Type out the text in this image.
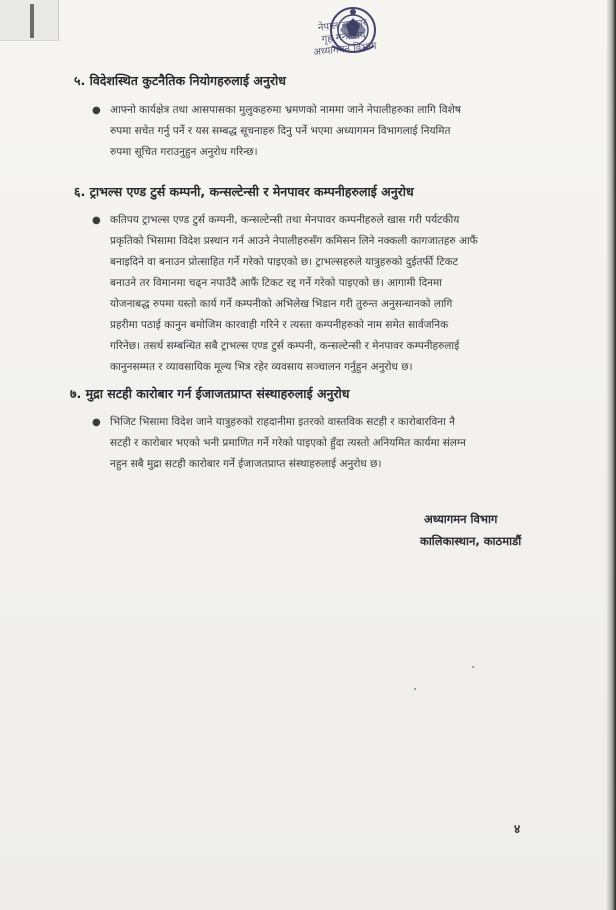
नेपाल सरकार
गृह मन्त्रालय
अध्यागमन विभाग
५. विदेशस्थित कुटनैतिक नियोगहरुलाई अनुरोध
● आफ्नो कार्यक्षेत्र तथा आसपासका मुलुकहरुमा भ्रमणको नाममा जाने नेपालीहरुका लागि विशेष
रुपमा सचेत गर्नु पर्ने र यस सम्बद्ध सूचनाहरु दिनु पर्ने भएमा अध्यागमन विभागलाई नियमित
रुपमा सूचित गराउनुहुन अनुरोध गरिन्छ।
६. ट्राभल्स एण्ड टुर्स कम्पनी, कन्सल्टेन्सी र मेनपावर कम्पनीहरुलाई अनुरोध
● कतिपय ट्राभल्स एण्ड टुर्स कम्पनी, कन्सल्टेन्सी तथा मेनपावर कम्पनीहरुले खास गरी पर्यटकीय
प्रकृतिको भिसामा विदेश प्रस्थान गर्न आउने नेपालीहरुसँग कमिसन लिने नक्कली कागजातहरु आफैं
बनाइदिने वा बनाउन प्रोत्साहित गर्ने गरेको पाइएको छ। ट्राभल्सहरुले यात्रुहरुको दुईतर्फी टिकट
बनाउने तर विमानमा चढ्न नपाउँदै आफैं टिकट रद्द गर्ने गरेको पाइएको छ। आगामी दिनमा
योजनाबद्ध रुपमा यस्तो कार्य गर्ने कम्पनीको अभिलेख भिडान गरी तुरुन्त अनुसन्धानको लागि
प्रहरीमा पठाई कानुन बमोजिम कारवाही गरिने र त्यस्ता कम्पनीहरुको नाम समेत सार्वजनिक
गरिनेछ। तसर्थ सम्बन्धित सबै ट्राभल्स एण्ड टुर्स कम्पनी, कन्सल्टेन्सी र मेनपावर कम्पनीहरुलाई
कानुनसम्मत र व्यावसायिक मूल्य भित्र रहेर व्यवसाय सञ्चालन गर्नुहुन अनुरोध छ।
७. मुद्रा सटही कारोबार गर्न ईजाजतप्राप्त संस्थाहरुलाई अनुरोध
● भिजिट भिसामा विदेश जाने यात्रुहरुको राहदानीमा इतरको वास्तविक सटही र कारोबारविना नै
सटही र कारोबार भएको भनी प्रमाणित गर्ने गरेको पाइएको हुँदा त्यस्तो अनियमित कार्यमा संलग्न
नहुन सबै मुद्रा सटही कारोबार गर्ने ईजाजतप्राप्त संस्थाहरुलाई अनुरोध छ।
अध्यागमन विभाग
कालिकास्थान, काठमाडौं
४
